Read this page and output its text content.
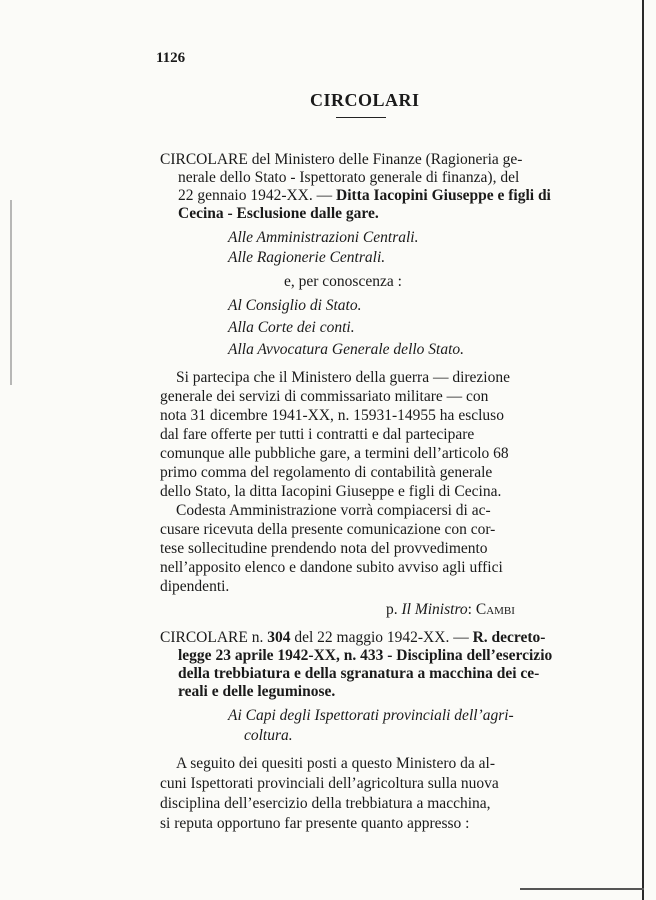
1126
CIRCOLARI
CIRCOLARE del Ministero delle Finanze (Ragioneria ge-
nerale dello Stato - Ispettorato generale di finanza), del
22 gennaio 1942-XX. — Ditta Iacopini Giuseppe e figli di
Cecina - Esclusione dalle gare.
Alle Amministrazioni Centrali.
Alle Ragionerie Centrali.
e, per conoscenza :
Al Consiglio di Stato.
Alla Corte dei conti.
Alla Avvocatura Generale dello Stato.
Si partecipa che il Ministero della guerra — direzione
generale dei servizi di commissariato militare — con
nota 31 dicembre 1941-XX, n. 15931-14955 ha escluso
dal fare offerte per tutti i contratti e dal partecipare
comunque alle pubbliche gare, a termini dell’articolo 68
primo comma del regolamento di contabilità generale
dello Stato, la ditta Iacopini Giuseppe e figli di Cecina.
Codesta Amministrazione vorrà compiacersi di ac-
cusare ricevuta della presente comunicazione con cor-
tese sollecitudine prendendo nota del provvedimento
nell’apposito elenco e dandone subito avviso agli uffici
dipendenti.
p. Il Ministro: Cambi
CIRCOLARE n. 304 del 22 maggio 1942-XX. — R. decreto-
legge 23 aprile 1942-XX, n. 433 - Disciplina dell’esercizio
della trebbiatura e della sgranatura a macchina dei ce-
reali e delle leguminose.
Ai Capi degli Ispettorati provinciali dell’agri-
coltura.
A seguito dei quesiti posti a questo Ministero da al-
cuni Ispettorati provinciali dell’agricoltura sulla nuova
disciplina dell’esercizio della trebbiatura a macchina,
si reputa opportuno far presente quanto appresso :
